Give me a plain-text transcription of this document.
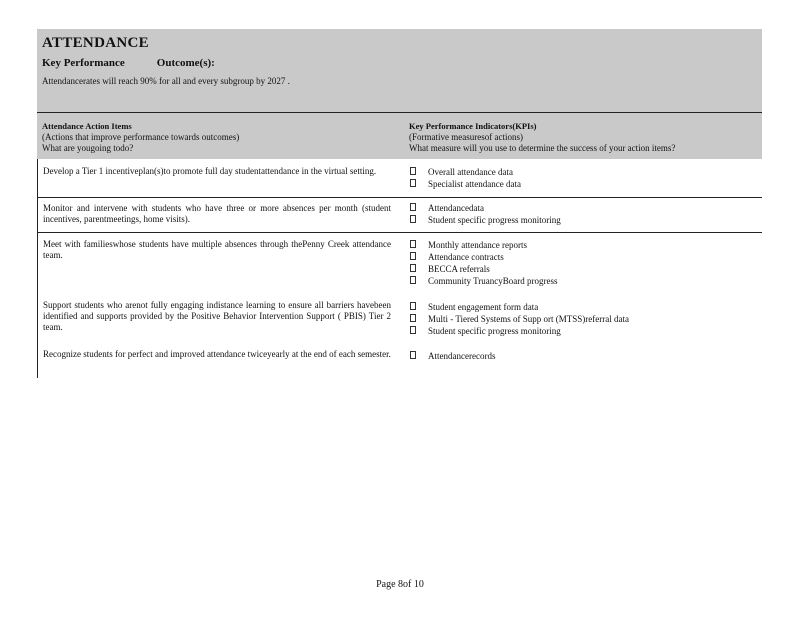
ATTENDANCE
Key Performance	Outcome(s):
Attendancerates will reach 90% for all and every subgroup by 2027 .
Attendance Action Items
(Actions that improve performance towards outcomes)
What are yougoing todo?
Key Performance Indicators(KPIs)
(Formative measuresof actions)
What measure will you use to determine the success of your action items?
Develop a Tier 1 incentiveplan(s)to promote full day studentattendance in the virtual setting.	Overall attendance data
Specialist attendance data
Monitor and intervene with students who have three or more absences per month (student incentives, parentmeetings, home visits).
Attendancedata
Student specific progress monitoring
Meet with familieswhose students have multiple absences through thePenny Creek attendance team.
Support students who arenot fully engaging indistance learning to ensure all barriers havebeen identified and supports provided by the Positive Behavior Intervention Support ( PBIS) Tier 2 team.
Recognize students for perfect and improved attendance twiceyearly at the end of each semester.
Monthly attendance reports
Attendance contracts
BECCA referrals
Community TruancyBoard progress
Student engagement form data
Multi - Tiered Systems of Supp ort (MTSS)referral data
Student specific progress monitoring
Attendancerecords
Page 8of 10
